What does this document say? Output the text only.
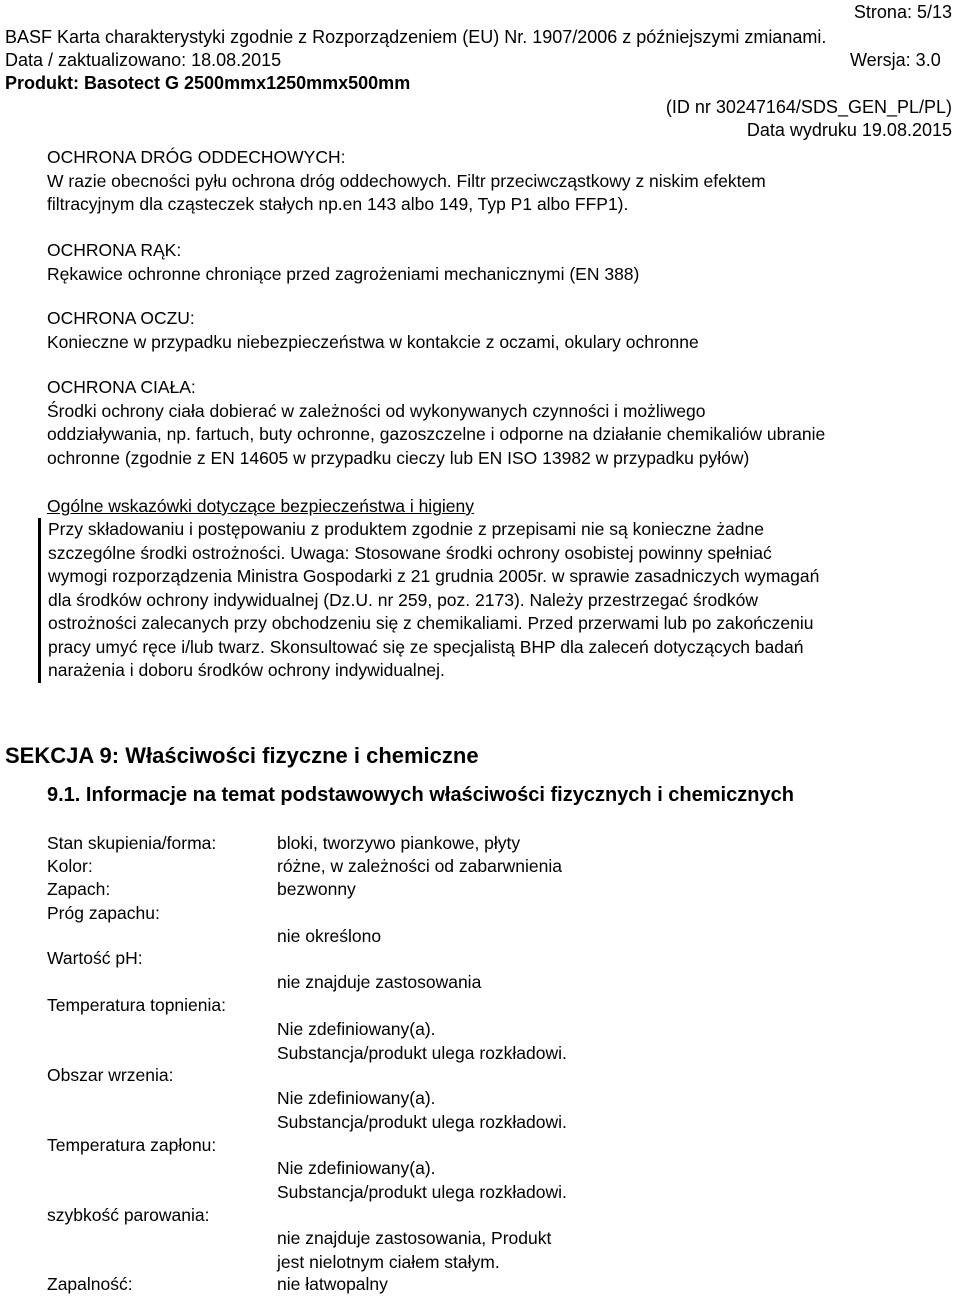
Strona: 5/13
BASF Karta charakterystyki zgodnie z Rozporządzeniem (EU) Nr. 1907/2006 z późniejszymi zmianami.
Data / zaktualizowano: 18.08.2015	Wersja: 3.0
Produkt: Basotect G 2500mmx1250mmx500mm
(ID nr 30247164/SDS_GEN_PL/PL)
Data wydruku 19.08.2015

OCHRONA DRÓG ODDECHOWYCH:

W razie obecności pyłu ochrona dróg oddechowych. Filtr przeciwcząstkowy z niskim efektem

filtracyjnym dla cząsteczek stałych np.en 143 albo 149, Typ P1 albo FFP1).

OCHRONA RĄK:

Rękawice ochronne chroniące przed zagrożeniami mechanicznymi (EN 388)

OCHRONA OCZU:

Konieczne w przypadku niebezpieczeństwa w kontakcie z oczami, okulary ochronne

OCHRONA CIAŁA:

Środki ochrony ciała dobierać w zależności od wykonywanych czynności i możliwego

oddziaływania, np. fartuch, buty ochronne, gazoszczelne i odporne na działanie chemikaliów ubranie

ochronne (zgodnie z EN 14605 w przypadku cieczy lub EN ISO 13982 w przypadku pyłów)

Ogólne wskazówki dotyczące bezpieczeństwa i higieny

Przy składowaniu i postępowaniu z produktem zgodnie z przepisami nie są konieczne żadne

szczególne środki ostrożności. Uwaga: Stosowane środki ochrony osobistej powinny spełniać

wymogi rozporządzenia Ministra Gospodarki z 21 grudnia 2005r. w sprawie zasadniczych wymagań

dla środków ochrony indywidualnej (Dz.U. nr 259, poz. 2173). Należy przestrzegać środków

ostrożności zalecanych przy obchodzeniu się z chemikaliami. Przed przerwami lub po zakończeniu

pracy umyć ręce i/lub twarz. Skonsultować się ze specjalistą BHP dla zaleceń dotyczących badań

narażenia i doboru środków ochrony indywidualnej.

SEKCJA 9: Właściwości fizyczne i chemiczne
9.1. Informacje na temat podstawowych właściwości fizycznych i chemicznych
Stan skupienia/forma:	bloki, tworzywo piankowe, płyty
Kolor:	różne, w zależności od zabarwnienia
Zapach:	bezwonny
Próg zapachu:
nie określono
Wartość pH:
nie znajduje zastosowania
Temperatura topnienia:
Nie zdefiniowany(a).
Substancja/produkt ulega rozkładowi.
Obszar wrzenia:
Nie zdefiniowany(a).
Substancja/produkt ulega rozkładowi.
Temperatura zapłonu:
Nie zdefiniowany(a).
Substancja/produkt ulega rozkładowi.
szybkość parowania:
nie znajduje zastosowania, Produkt
jest nielotnym ciałem stałym.
Zapalność:	nie łatwopalny
